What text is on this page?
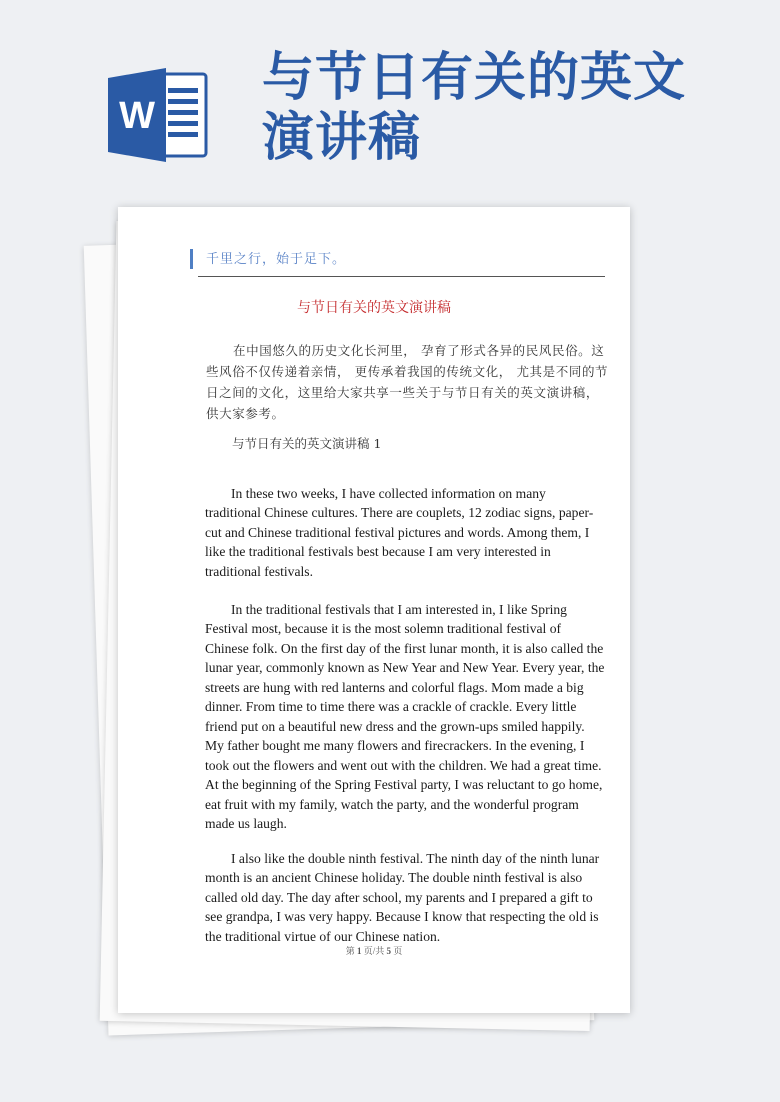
W
与节日有关的英文
演讲稿
千里之行，始于足下。
与节日有关的英文演讲稿
在中国悠久的历史文化长河里， 孕育了形式各异的民风民俗。这些风俗不仅传递着亲情， 更传承着我国的传统文化， 尤其是不同的节日之间的文化，这里给大家共享一些关于与节日有关的英文演讲稿，供大家参考。
与节日有关的英文演讲稿 1

In these two weeks, I have collected information on many traditional Chinese cultures. There are couplets, 12 zodiac signs, paper-cut and Chinese traditional festival pictures and words. Among them, I like the traditional festivals best because I am very interested in traditional festivals.

In the traditional festivals that I am interested in, I like Spring Festival most, because it is the most solemn traditional festival of Chinese folk. On the first day of the first lunar month, it is also called the lunar year, commonly known as New Year and New Year. Every year, the streets are hung with red lanterns and colorful flags. Mom made a big dinner. From time to time there was a crackle of crackle. Every little friend put on a beautiful new dress and the grown-ups smiled happily. My father bought me many flowers and firecrackers. In the evening, I took out the flowers and went out with the children. We had a great time. At the beginning of the Spring Festival party, I was reluctant to go home, eat fruit with my family, watch the party, and the wonderful program made us laugh.

I also like the double ninth festival. The ninth day of the ninth lunar month is an ancient Chinese holiday. The double ninth festival is also called old day. The day after school, my parents and I prepared a gift to see grandpa, I was very happy. Because I know that respecting the old is the traditional virtue of our Chinese nation.

第 1 页/共 5 页
